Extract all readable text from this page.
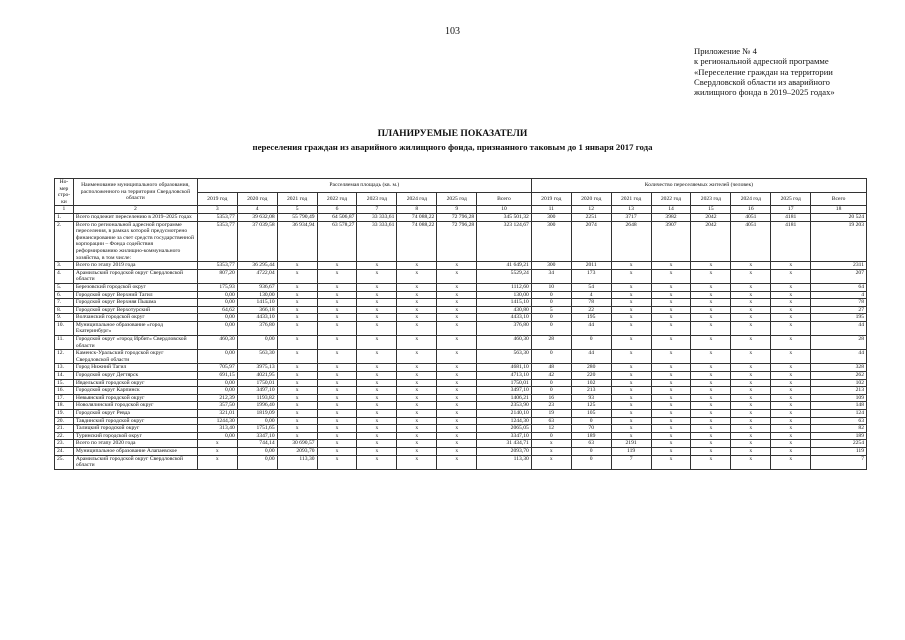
103
Приложение № 4
к региональной адресной программе
«Переселение граждан на территории
Свердловской области из аварийного
жилищного фонда в 2019–2025 годах»
ПЛАНИРУЕМЫЕ ПОКАЗАТЕЛИ
переселения граждан из аварийного жилищного фонда, признанного таковым до 1 января 2017 года
Но-мер стро-ки	Наименование муниципального образования, расположенного на территории Свердловской области	Расселяемая площадь (кв. м.)								Количество переселяемых жителей (человек)							
		2019 год	2020 год	2021 год	2022 год	2023 год	2024 год	2025 год	Всего	2019 год	2020 год	2021 год	2022 год	2023 год	2024 год	2025 год	Всего
1	2	3	4	5	6	7	8	9	10	11	12	13	14	15	16	17	18
1.	Всего подлежит переселению в 2019–2025 годах	5353,77	39 632,08	55 790,49	64 506,87	33 333,61	74 088,22	72 796,28	345 501,32	300	2251	3717	3982	2042	4051	4181	20 524
2.	Всего по региональной адресной программе переселения, в рамках которой предусмотрено финансирование за счет средств государственной корпорации – Фонда содействия реформированию жилищно-коммунального хозяйства, в том числе:	5353,77	37 039,58	36 934,94	63 578,27	33 333,61	74 088,22	72 796,28	323 124,67	300	2074	2648	3907	2042	4051	4181	19 203
3.	Всего по этапу 2019 года	5353,77	36 295,44	х	х	х	х	х	41 649,21	300	2011	х	х	х	х	х	2311
4.	Арамильский городской округ Свердловской области	807,20	4722,04	х	х	х	х	х	5529,24	34	173	х	х	х	х	х	207
5.	Березовский городской округ	175,93	936,67	х	х	х	х	х	1112,60	10	54	х	х	х	х	х	64
6.	Городской округ Верхний Тагил	0,00	130,00	х	х	х	х	х	130,00	0	4	х	х	х	х	х	4
7.	Городской округ Верхняя Пышма	0,00	1415,10	х	х	х	х	х	1415,10	0	78	х	х	х	х	х	78
8.	Городской округ Верхотурский	64,62	366,18	х	х	х	х	х	430,80	5	22	х	х	х	х	х	27
9.	Волчанский городской округ	0,00	4433,10	х	х	х	х	х	4433,10	0	195	х	х	х	х	х	195
10.	Муниципальное образование «город Екатеринбург»	0,00	376,80	х	х	х	х	х	376,80	0	44	х	х	х	х	х	44
11.	Городской округ «город Ирбит» Свердловской области	460,30	0,00	х	х	х	х	х	460,30	28	0	х	х	х	х	х	28
12.	Каменск-Уральский городской округ Свердловской области	0,00	563,30	х	х	х	х	х	563,30	0	44	х	х	х	х	х	44
13.	Город Нижний Тагил	705,97	3975,13	х	х	х	х	х	4681,10	48	280	х	х	х	х	х	328
14.	Городской округ Дегтярск	691,15	4021,95	х	х	х	х	х	4713,10	42	220	х	х	х	х	х	262
15.	Ивдельский городской округ	0,00	1750,01	х	х	х	х	х	1750,01	0	102	х	х	х	х	х	102
16.	Городской округ Карпинск	0,00	3497,10	х	х	х	х	х	3497,10	0	213	х	х	х	х	х	213
17.	Невьянский городской округ	212,39	1193,82	х	х	х	х	х	1406,21	16	93	х	х	х	х	х	109
18.	Новолялинский городской округ	357,50	1996,40	х	х	х	х	х	2353,90	23	125	х	х	х	х	х	148
19.	Городской округ Ревда	321,01	1819,09	х	х	х	х	х	2140,10	19	105	х	х	х	х	х	124
20.	Тавдинский городской округ	1244,30	0,00	х	х	х	х	х	1244,30	63	0	х	х	х	х	х	63
21.	Талицкий городской округ	313,40	1751,65	х	х	х	х	х	2065,05	12	70	х	х	х	х	х	82
22.	Туринский городской округ	0,00	3347,10	х	х	х	х	х	3347,10	0	189	х	х	х	х	х	189
23.	Всего по этапу 2020 года	х	744,14	30 690,57	х	х	х	х	31 434,71	х	63	2191	х	х	х	х	2254
24.	Муниципальное образование Алапаевское	х	0,00	2093,70	х	х	х	х	2093,70	х	0	119	х	х	х	х	119
25.	Арамильский городской округ Свердловской области	х	0,00	113,30	х	х	х	х	113,30	х	0	7	х	х	х	х	7
